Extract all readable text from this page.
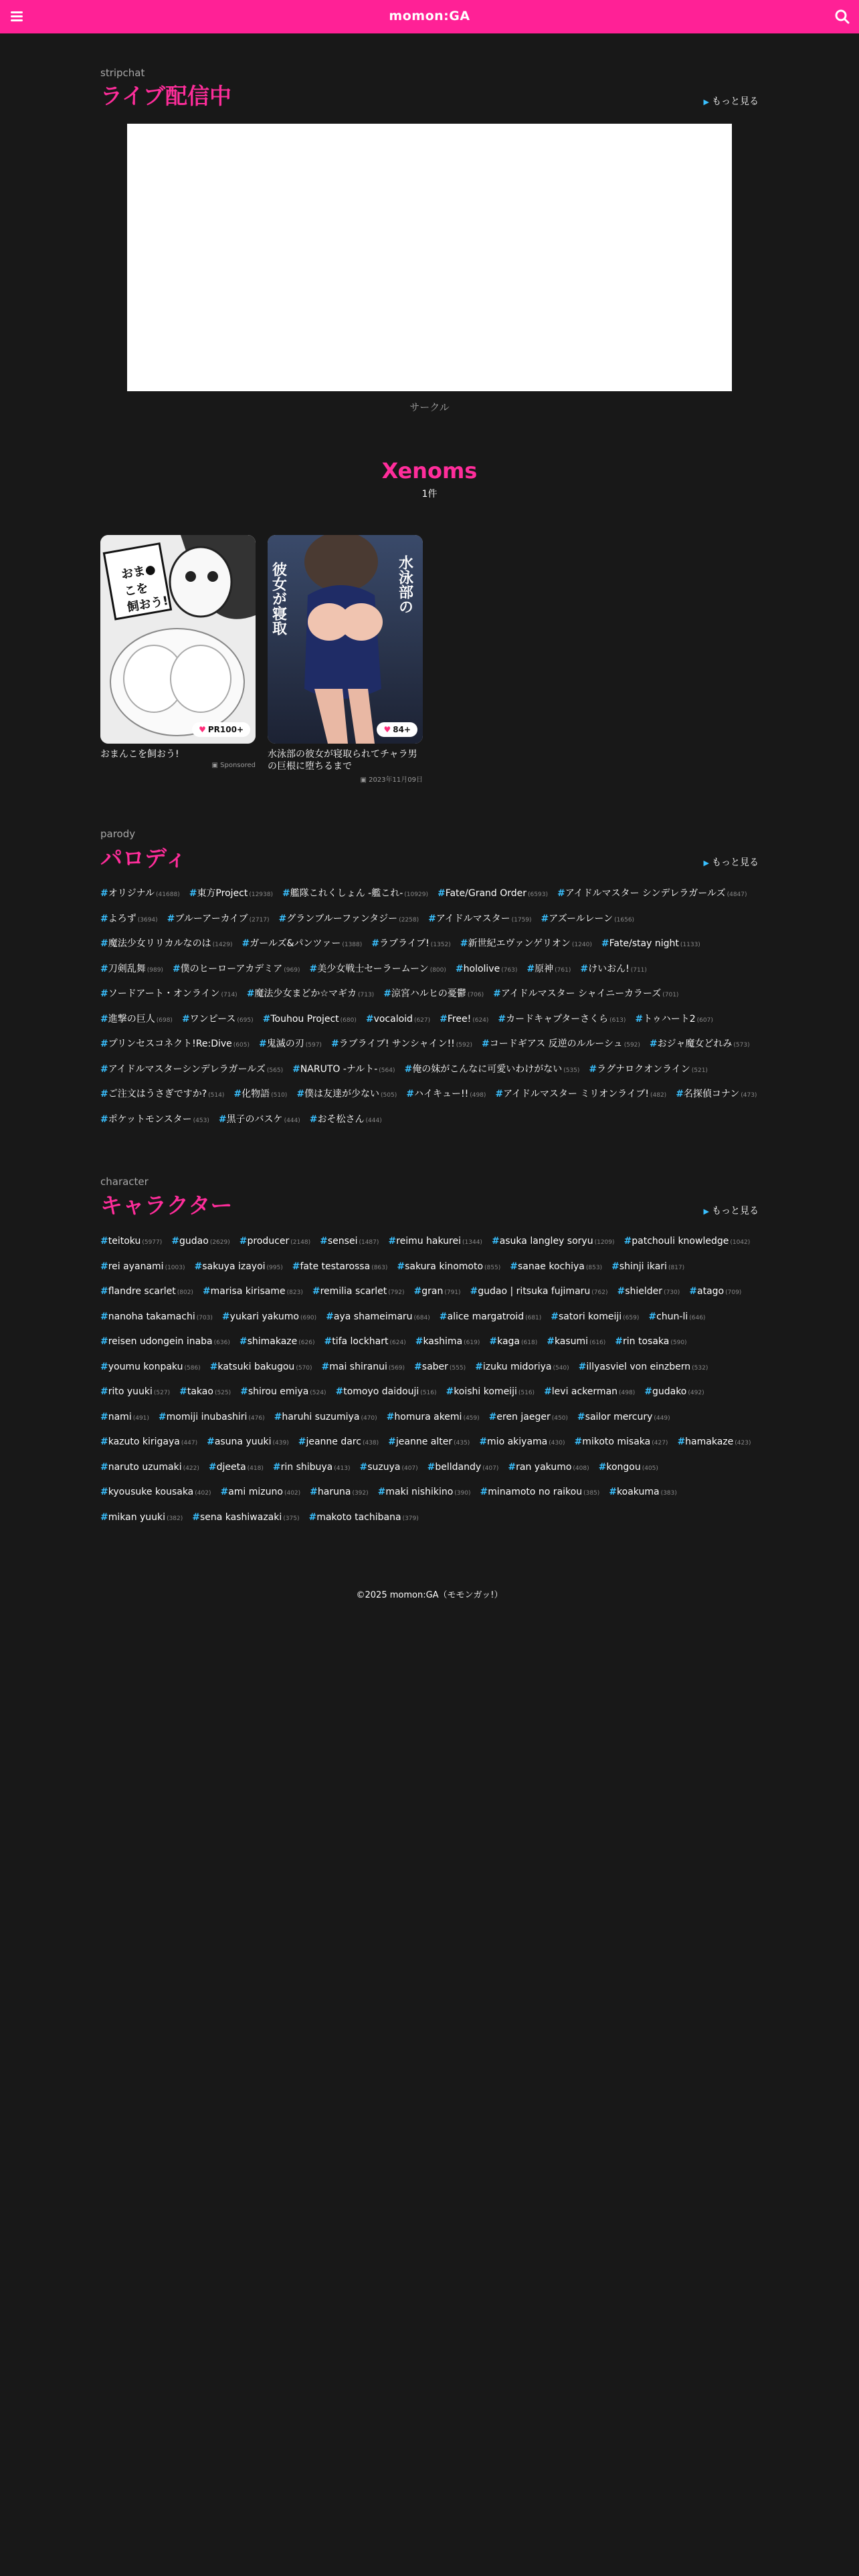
momon:GA
stripchat
ライブ配信中	▶ もっと見る
サークル
Xenoms
1件
おま●
こを
飼おう!
♥ PR100+
おまんこを飼おう!
▣ Sponsored
水泳部の
彼女が寝取
♥ 84+
水泳部の彼女が寝取られてチャラ男の巨根に堕ちるまで
▣ 2023年11月09日
parody
パロディ	▶ もっと見る
#オリジナル (41688) #東方Project (12938) #艦隊これくしょん -艦これ- (10929) #Fate/Grand Order (6593) #アイドルマスター シンデレラガールズ (4847)
#よろず (3694) #ブルーアーカイブ (2717) #グランブルーファンタジー (2258) #アイドルマスター (1759) #アズールレーン (1656)
#魔法少女リリカルなのは (1429) #ガールズ&パンツァー (1388) #ラブライブ! (1352) #新世紀エヴァンゲリオン (1240) #Fate/stay night (1133)
#刀剣乱舞 (989) #僕のヒーローアカデミア (969) #美少女戦士セーラームーン (800) #hololive (763) #原神 (761) #けいおん! (711)
#ソードアート・オンライン (714) #魔法少女まどか☆マギカ (713) #涼宮ハルヒの憂鬱 (706) #アイドルマスター シャイニーカラーズ (701)
#進撃の巨人 (698) #ワンピース (695) #Touhou Project (680) #vocaloid (627) #Free! (624) #カードキャプターさくら (613) #トゥハート2 (607)
#プリンセスコネクト!Re:Dive (605) #鬼滅の刃 (597) #ラブライブ! サンシャイン!! (592) #コードギアス 反逆のルルーシュ (592) #おジャ魔女どれみ (573)
#アイドルマスターシンデレラガールズ (565) #NARUTO -ナルト- (564) #俺の妹がこんなに可愛いわけがない (535) #ラグナロクオンライン (521)
#ご注文はうさぎですか? (514) #化物語 (510) #僕は友達が少ない (505) #ハイキュー!! (498) #アイドルマスター ミリオンライブ! (482) #名探偵コナン (473)
#ポケットモンスター (453) #黒子のバスケ (444) #おそ松さん (444)
character
キャラクター	▶ もっと見る
#teitoku (5977) #gudao (2629) #producer (2148) #sensei (1487) #reimu hakurei (1344) #asuka langley soryu (1209) #patchouli knowledge (1042)
#rei ayanami (1003) #sakuya izayoi (995) #fate testarossa (863) #sakura kinomoto (855) #sanae kochiya (853) #shinji ikari (817)
#flandre scarlet (802) #marisa kirisame (823) #remilia scarlet (792) #gran (791) #gudao | ritsuka fujimaru (762) #shielder (730) #atago (709)
#nanoha takamachi (703) #yukari yakumo (690) #aya shameimaru (684) #alice margatroid (681) #satori komeiji (659) #chun-li (646)
#reisen udongein inaba (636) #shimakaze (626) #tifa lockhart (624) #kashima (619) #kaga (618) #kasumi (616) #rin tosaka (590)
#youmu konpaku (586) #katsuki bakugou (570) #mai shiranui (569) #saber (555) #izuku midoriya (540) #illyasviel von einzbern (532)
#rito yuuki (527) #takao (525) #shirou emiya (524) #tomoyo daidouji (516) #koishi komeiji (516) #levi ackerman (498) #gudako (492)
#nami (491) #momiji inubashiri (476) #haruhi suzumiya (470) #homura akemi (459) #eren jaeger (450) #sailor mercury (449)
#kazuto kirigaya (447) #asuna yuuki (439) #jeanne darc (438) #jeanne alter (435) #mio akiyama (430) #mikoto misaka (427) #hamakaze (423)
#naruto uzumaki (422) #djeeta (418) #rin shibuya (413) #suzuya (407) #belldandy (407) #ran yakumo (408) #kongou (405)
#kyousuke kousaka (402) #ami mizuno (402) #haruna (392) #maki nishikino (390) #minamoto no raikou (385) #koakuma (383)
#mikan yuuki (382) #sena kashiwazaki (375) #makoto tachibana (379)
©2025 momon:GA（モモンガッ!）
